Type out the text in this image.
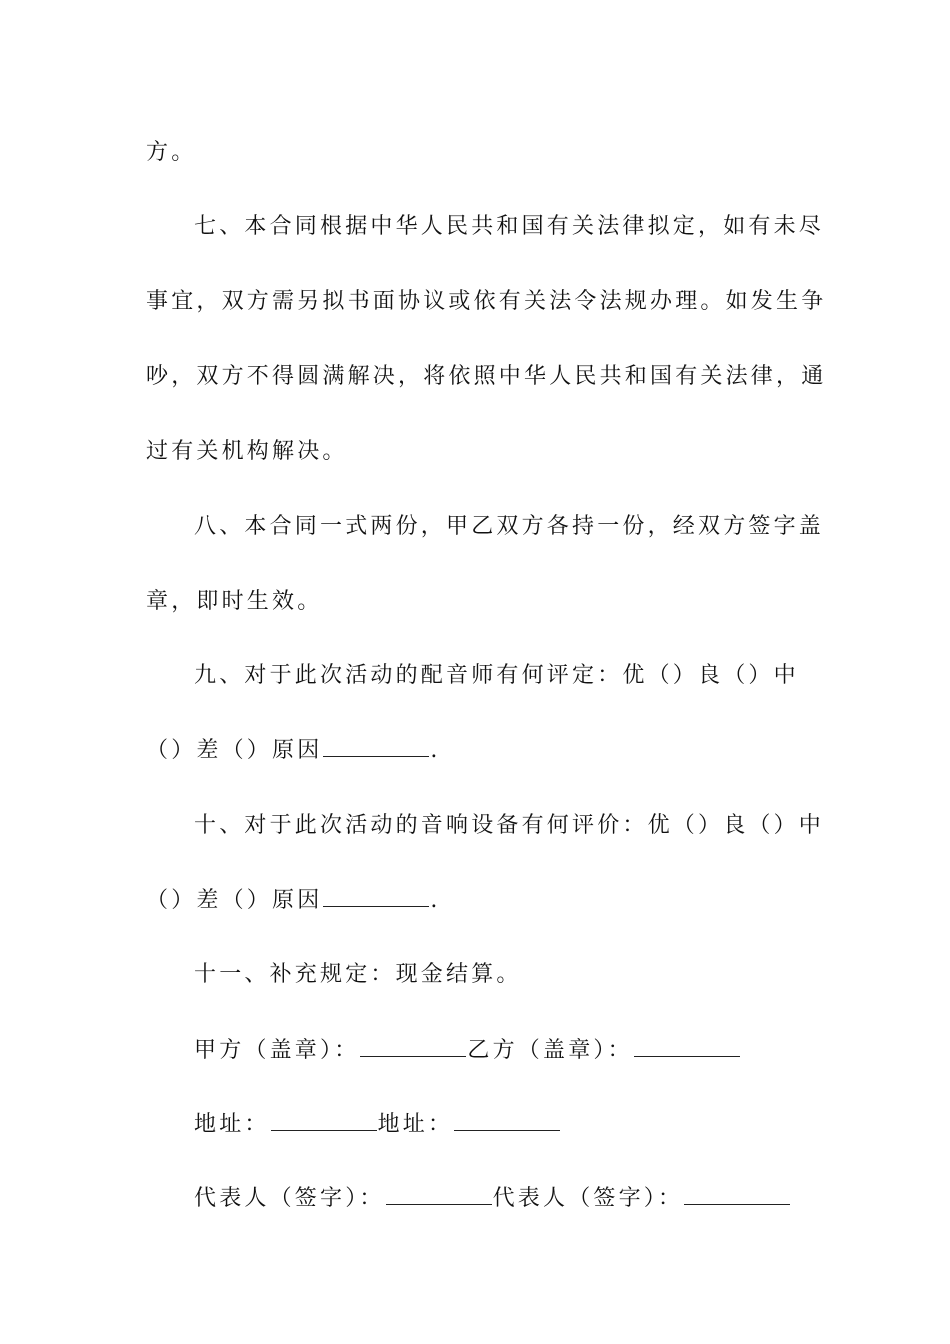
方。
七、本合同根据中华人民共和国有关法律拟定，如有未尽
事宜，双方需另拟书面协议或依有关法令法规办理。如发生争
吵，双方不得圆满解决，将依照中华人民共和国有关法律，通
过有关机构解决。
八、本合同一式两份，甲乙双方各持一份，经双方签字盖
章，即时生效。
九、对于此次活动的配音师有何评定：优（）良（）中
（）差（）原因	.
十、对于此次活动的音响设备有何评价：优（）良（）中
（）差（）原因	.
十一、补充规定：现金结算。
甲方（盖章）：	乙方（盖章）：
地址：	地址：
代表人（签字）：	代表人（签字）：
